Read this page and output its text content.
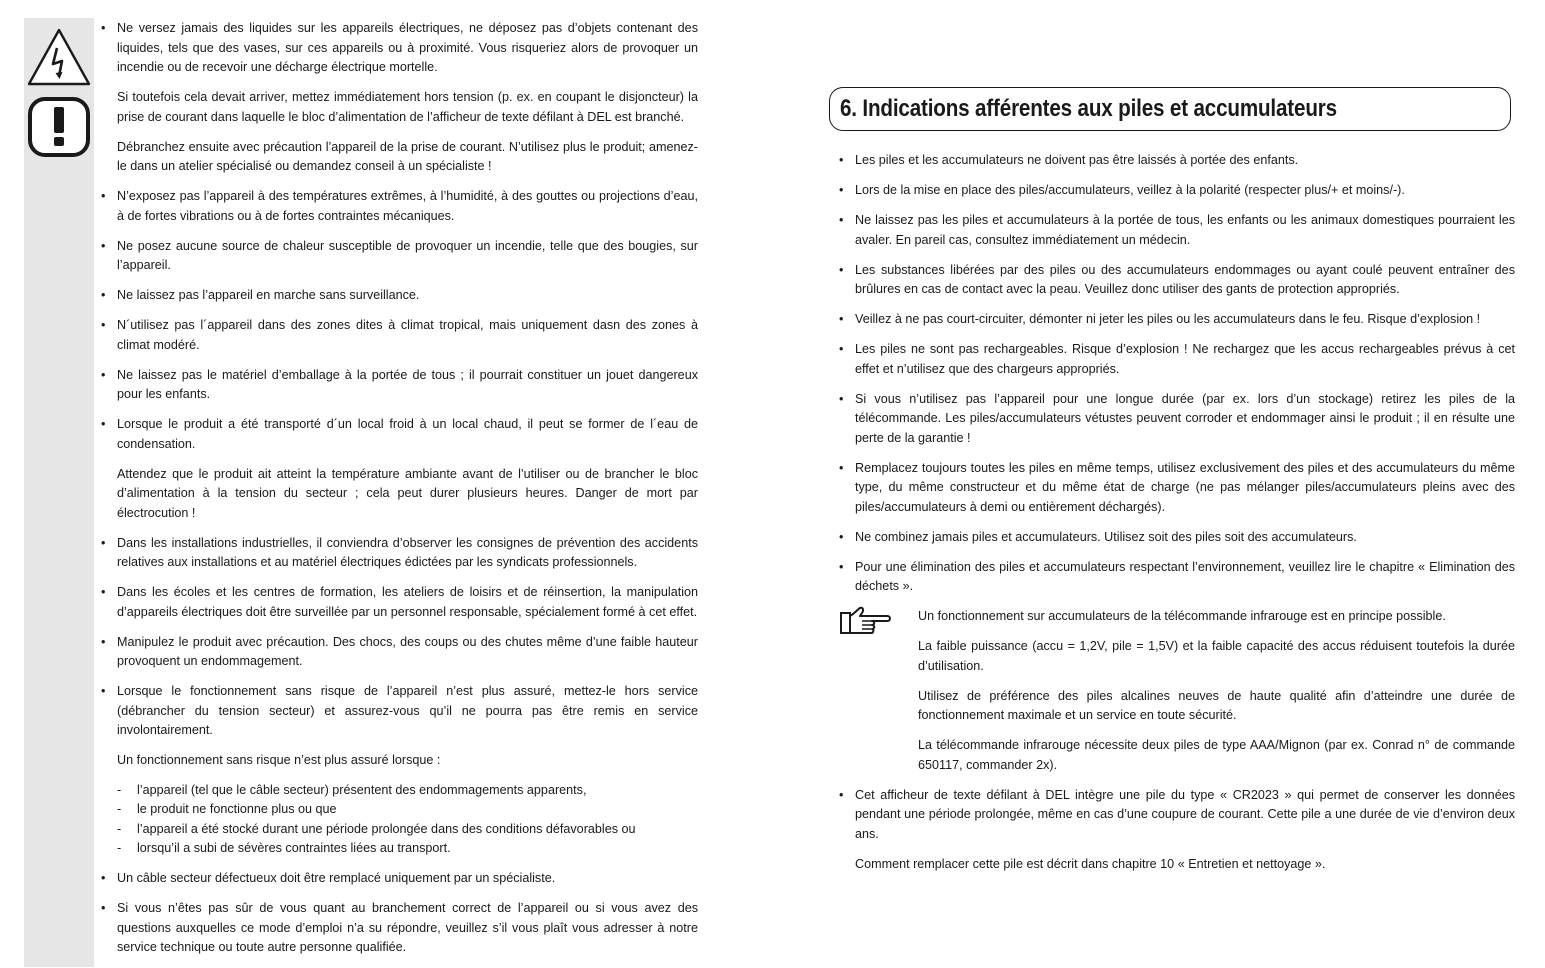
• Ne versez jamais des liquides sur les appareils électriques, ne déposez pas d’objets contenant des liquides, tels que des vases, sur ces appareils ou à proximité. Vous risqueriez alors de provoquer un incendie ou de recevoir une décharge électrique mortelle.

Si toutefois cela devait arriver, mettez immédiatement hors tension (p. ex. en coupant le disjoncteur) la prise de courant dans laquelle le bloc d’alimentation de l’afficheur de texte défilant à DEL est branché.

Débranchez ensuite avec précaution l’appareil de la prise de courant. N’utilisez plus le produit; amenez-le dans un atelier spécialisé ou demandez conseil à un spécialiste !

• N’exposez pas l’appareil à des températures extrêmes, à l’humidité, à des gouttes ou projections d’eau, à de fortes vibrations ou à de fortes contraintes mécaniques.

• Ne posez aucune source de chaleur susceptible de provoquer un incendie, telle que des bougies, sur l’appareil.

• Ne laissez pas l’appareil en marche sans surveillance.

• N´utilisez pas l´appareil dans des zones dites à climat tropical, mais uniquement dasn des zones à climat modéré.

• Ne laissez pas le matériel d’emballage à la portée de tous ; il pourrait constituer un jouet dangereux pour les enfants.

• Lorsque le produit a été transporté d´un local froid à un local chaud, il peut se former de l´eau de condensation.

Attendez que le produit ait atteint la température ambiante avant de l’utiliser ou de brancher le bloc d’alimentation à la tension du secteur ; cela peut durer plusieurs heures. Danger de mort par électrocution !

• Dans les installations industrielles, il conviendra d’observer les consignes de prévention des accidents relatives aux installations et au matériel électriques édictées par les syndicats professionnels.

• Dans les écoles et les centres de formation, les ateliers de loisirs et de réinsertion, la manipulation d’appareils électriques doit être surveillée par un personnel responsable, spécialement formé à cet effet.

• Manipulez le produit avec précaution. Des chocs, des coups ou des chutes même d’une faible hauteur provoquent un endommagement.

• Lorsque le fonctionnement sans risque de l’appareil n’est plus assuré, mettez-le hors service (débrancher du tension secteur) et assurez-vous qu’il ne pourra pas être remis en service involontairement.

Un fonctionnement sans risque n’est plus assuré lorsque :

- l’appareil (tel que le câble secteur) présentent des endommagements apparents,
- le produit ne fonctionne plus ou que
- l’appareil a été stocké durant une période prolongée dans des conditions défavorables ou
- lorsqu’il a subi de sévères contraintes liées au transport.
• Un câble secteur défectueux doit être remplacé uniquement par un spécialiste.

• Si vous n’êtes pas sûr de vous quant au branchement correct de l’appareil ou si vous avez des questions auxquelles ce mode d’emploi n’a su répondre, veuillez s’il vous plaît vous adresser à notre service technique ou toute autre personne qualifiée.

6. Indications afférentes aux piles et accumulateurs
• Les piles et les accumulateurs ne doivent pas être laissés à portée des enfants.

• Lors de la mise en place des piles/accumulateurs, veillez à la polarité (respecter plus/+ et moins/-).

• Ne laissez pas les piles et accumulateurs à la portée de tous, les enfants ou les animaux domestiques pourraient les avaler. En pareil cas, consultez immédiatement un médecin.

• Les substances libérées par des piles ou des accumulateurs endommages ou ayant coulé peuvent entraîner des brûlures en cas de contact avec la peau. Veuillez donc utiliser des gants de protection appropriés.

• Veillez à ne pas court-circuiter, démonter ni jeter les piles ou les accumulateurs dans le feu. Risque d’explosion !

• Les piles ne sont pas rechargeables. Risque d’explosion ! Ne rechargez que les accus rechargeables prévus à cet effet et n’utilisez que des chargeurs appropriés.

• Si vous n’utilisez pas l’appareil pour une longue durée (par ex. lors d’un stockage) retirez les piles de la télécommande. Les piles/accumulateurs vétustes peuvent corroder et endommager ainsi le produit ; il en résulte une perte de la garantie !

• Remplacez toujours toutes les piles en même temps, utilisez exclusivement des piles et des accumulateurs du même type, du même constructeur et du même état de charge (ne pas mélanger piles/accumulateurs pleins avec des piles/accumulateurs à demi ou entièrement déchargés).

• Ne combinez jamais piles et accumulateurs. Utilisez soit des piles soit des accumulateurs.

• Pour une élimination des piles et accumulateurs respectant l’environnement, veuillez lire le chapitre « Elimination des déchets ».

Un fonctionnement sur accumulateurs de la télécommande infrarouge est en principe possible.

La faible puissance (accu = 1,2V, pile = 1,5V) et la faible capacité des accus réduisent toutefois la durée d’utilisation.

Utilisez de préférence des piles alcalines neuves de haute qualité afin d’atteindre une durée de fonctionnement maximale et un service en toute sécurité.

La télécommande infrarouge nécessite deux piles de type AAA/Mignon (par ex. Conrad n° de commande 650117, commander 2x).

• Cet afficheur de texte défilant à DEL intègre une pile du type « CR2023 » qui permet de conserver les données pendant une période prolongée, même en cas d’une coupure de courant. Cette pile a une durée de vie d’environ deux ans.

Comment remplacer cette pile est décrit dans chapitre 10 « Entretien et nettoyage ».
